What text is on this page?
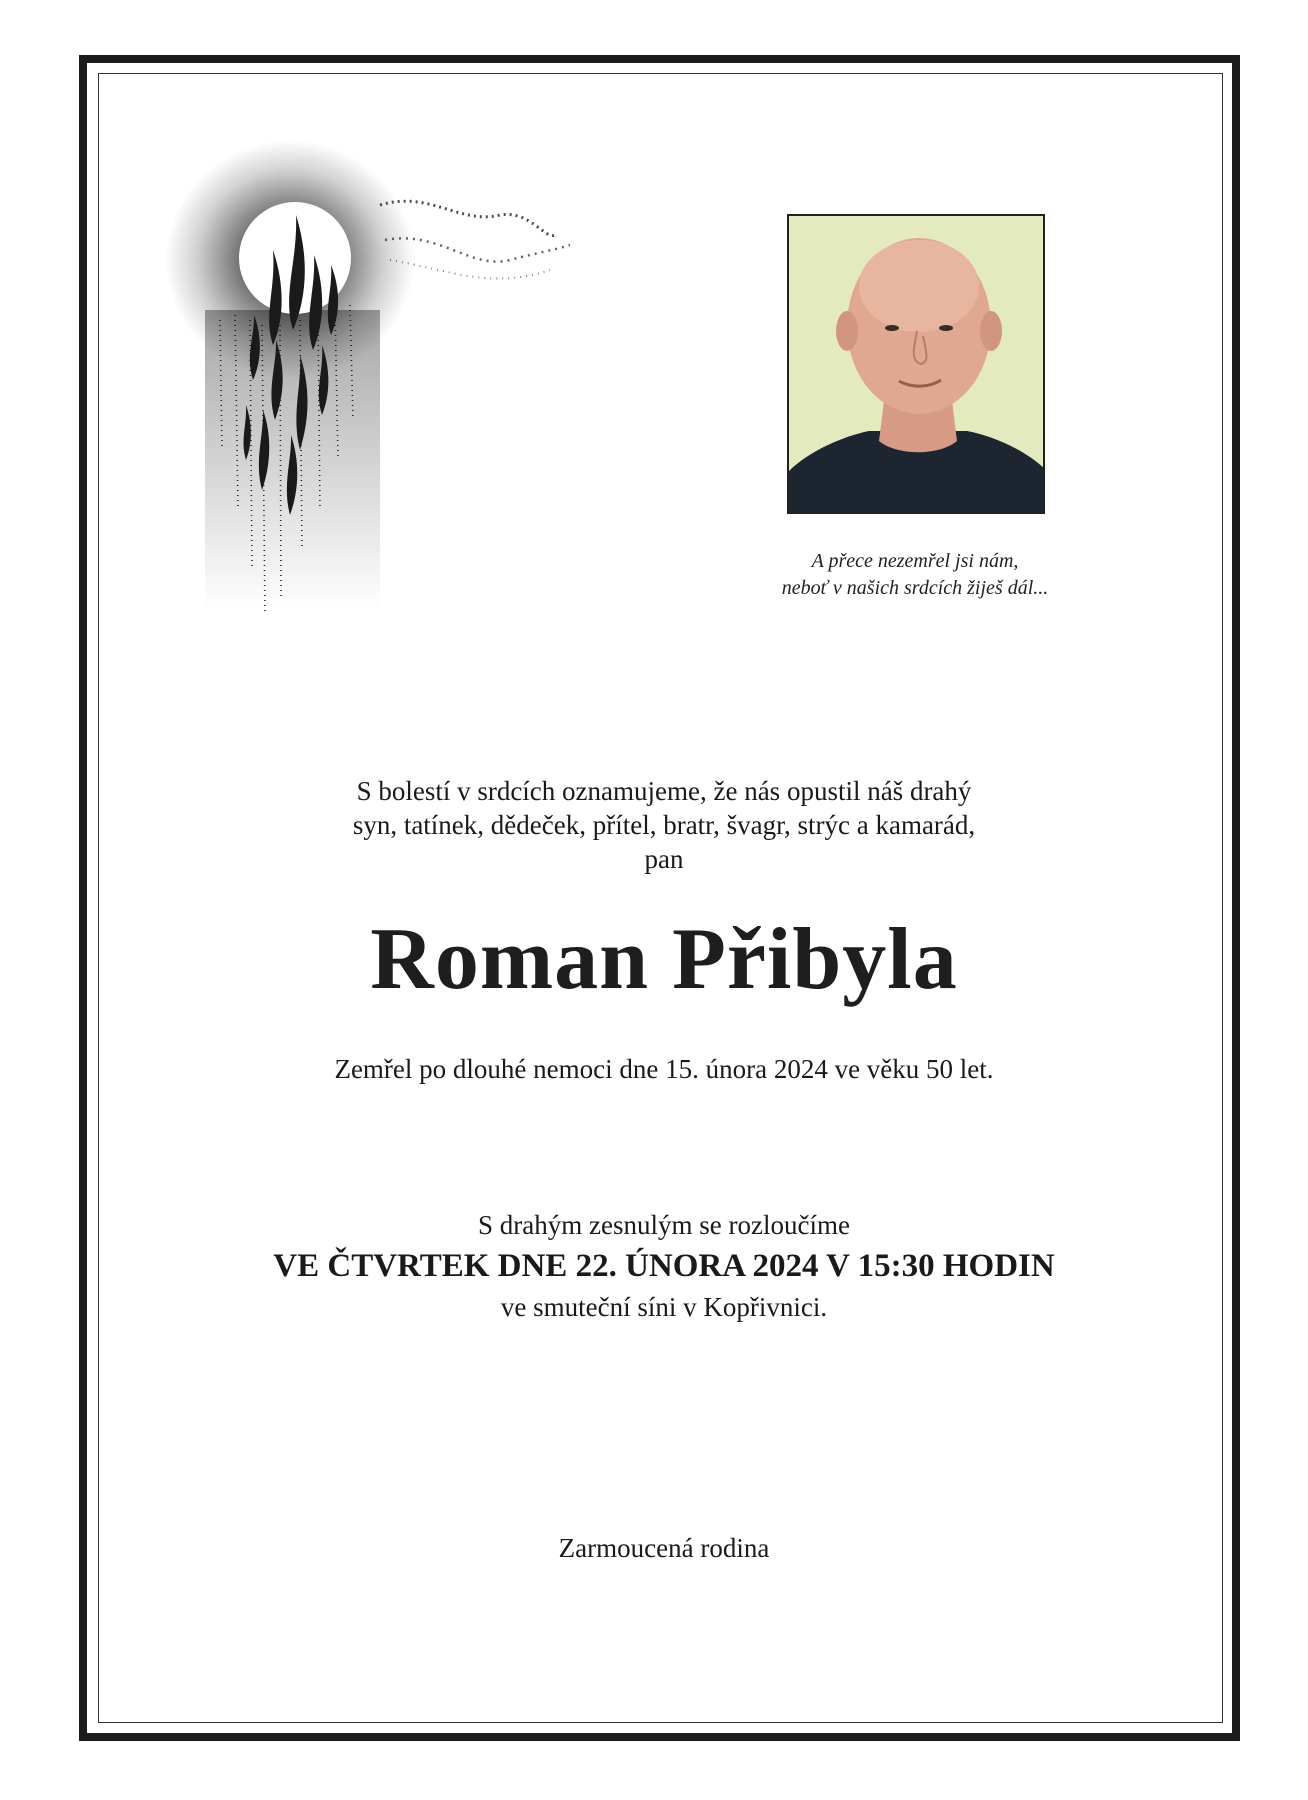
A přece nezemřel jsi nám,
neboť v našich srdcích žiješ dál...
S bolestí v srdcích oznamujeme, že nás opustil náš drahý
syn, tatínek, dědeček, přítel, bratr, švagr, strýc a kamarád,
pan
Roman Přibyla
Zemřel po dlouhé nemoci dne 15. února 2024 ve věku 50 let.
S drahým zesnulým se rozloučíme
VE ČTVRTEK DNE 22. ÚNORA 2024 V 15:30 HODIN
ve smuteční síni v Kopřivnici.
Zarmoucená rodina
